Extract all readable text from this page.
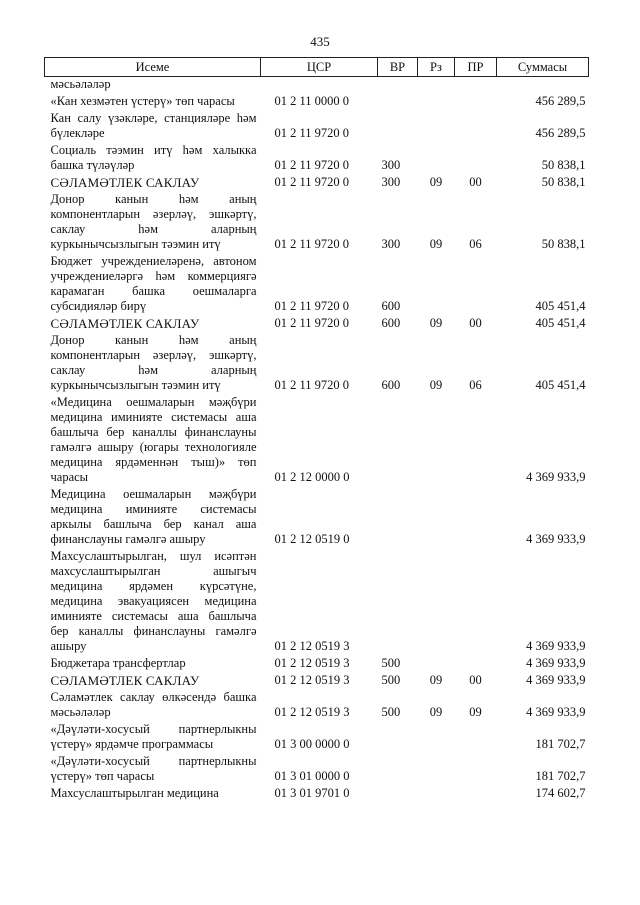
435
Исеме	ЦСР	ВР	Рз	ПР	Суммасы
мәсьәләләр					
«Кан хезмәтен үстерү» төп чарасы	01 2 11 0000 0				456 289,5
Кан салу үзәкләре, станцияләре һәм бүлекләре	01 2 11 9720 0				456 289,5
Социаль тәэмин итү һәм халыкка башка түләүләр	01 2 11 9720 0	300			50 838,1
СӘЛАМӘТЛЕК САКЛАУ	01 2 11 9720 0	300	09	00	50 838,1
Донор канын һәм аның компонентларын әзерләү, эшкәртү, саклау һәм аларның куркынычсызлыгын тәэмин итү	01 2 11 9720 0	300	09	06	50 838,1
Бюджет учреждениеләренә, автоном учреждениеләргә һәм коммерциягә карамаган башка оешмаларга субсидияләр бирү	01 2 11 9720 0	600			405 451,4
СӘЛАМӘТЛЕК САКЛАУ	01 2 11 9720 0	600	09	00	405 451,4
Донор канын һәм аның компонентларын әзерләү, эшкәртү, саклау һәм аларның куркынычсызлыгын тәэмин итү	01 2 11 9720 0	600	09	06	405 451,4
«Медицина оешмаларын мәҗбүри медицина иминияте системасы аша башлыча бер каналлы финанслауны гамәлгә ашыру (югары технологияле медицина ярдәменнән тыш)» төп чарасы	01 2 12 0000 0				4 369 933,9
Медицина оешмаларын мәҗбүри медицина иминияте системасы аркылы башлыча бер канал аша финанслауны гамәлгә ашыру	01 2 12 0519 0				4 369 933,9
Махсуслаштырылган, шул исәптән махсуслаштырылган ашыгыч медицина ярдәмен күрсәтүне, медицина эвакуациясен медицина иминияте системасы аша башлыча бер каналлы финанслауны гамәлгә ашыру	01 2 12 0519 3				4 369 933,9
Бюджетара трансфертлар	01 2 12 0519 3	500			4 369 933,9
СӘЛАМӘТЛЕК САКЛАУ	01 2 12 0519 3	500	09	00	4 369 933,9
Сәламәтлек саклау өлкәсендә башка мәсьәләләр	01 2 12 0519 3	500	09	09	4 369 933,9
«Дәүләти-хосусый партнерлыкны үстерү» ярдәмче программасы	01 3 00 0000 0				181 702,7
«Дәүләти-хосусый партнерлыкны үстерү» төп чарасы	01 3 01 0000 0				181 702,7
Махсуслаштырылган медицина	01 3 01 9701 0				174 602,7
